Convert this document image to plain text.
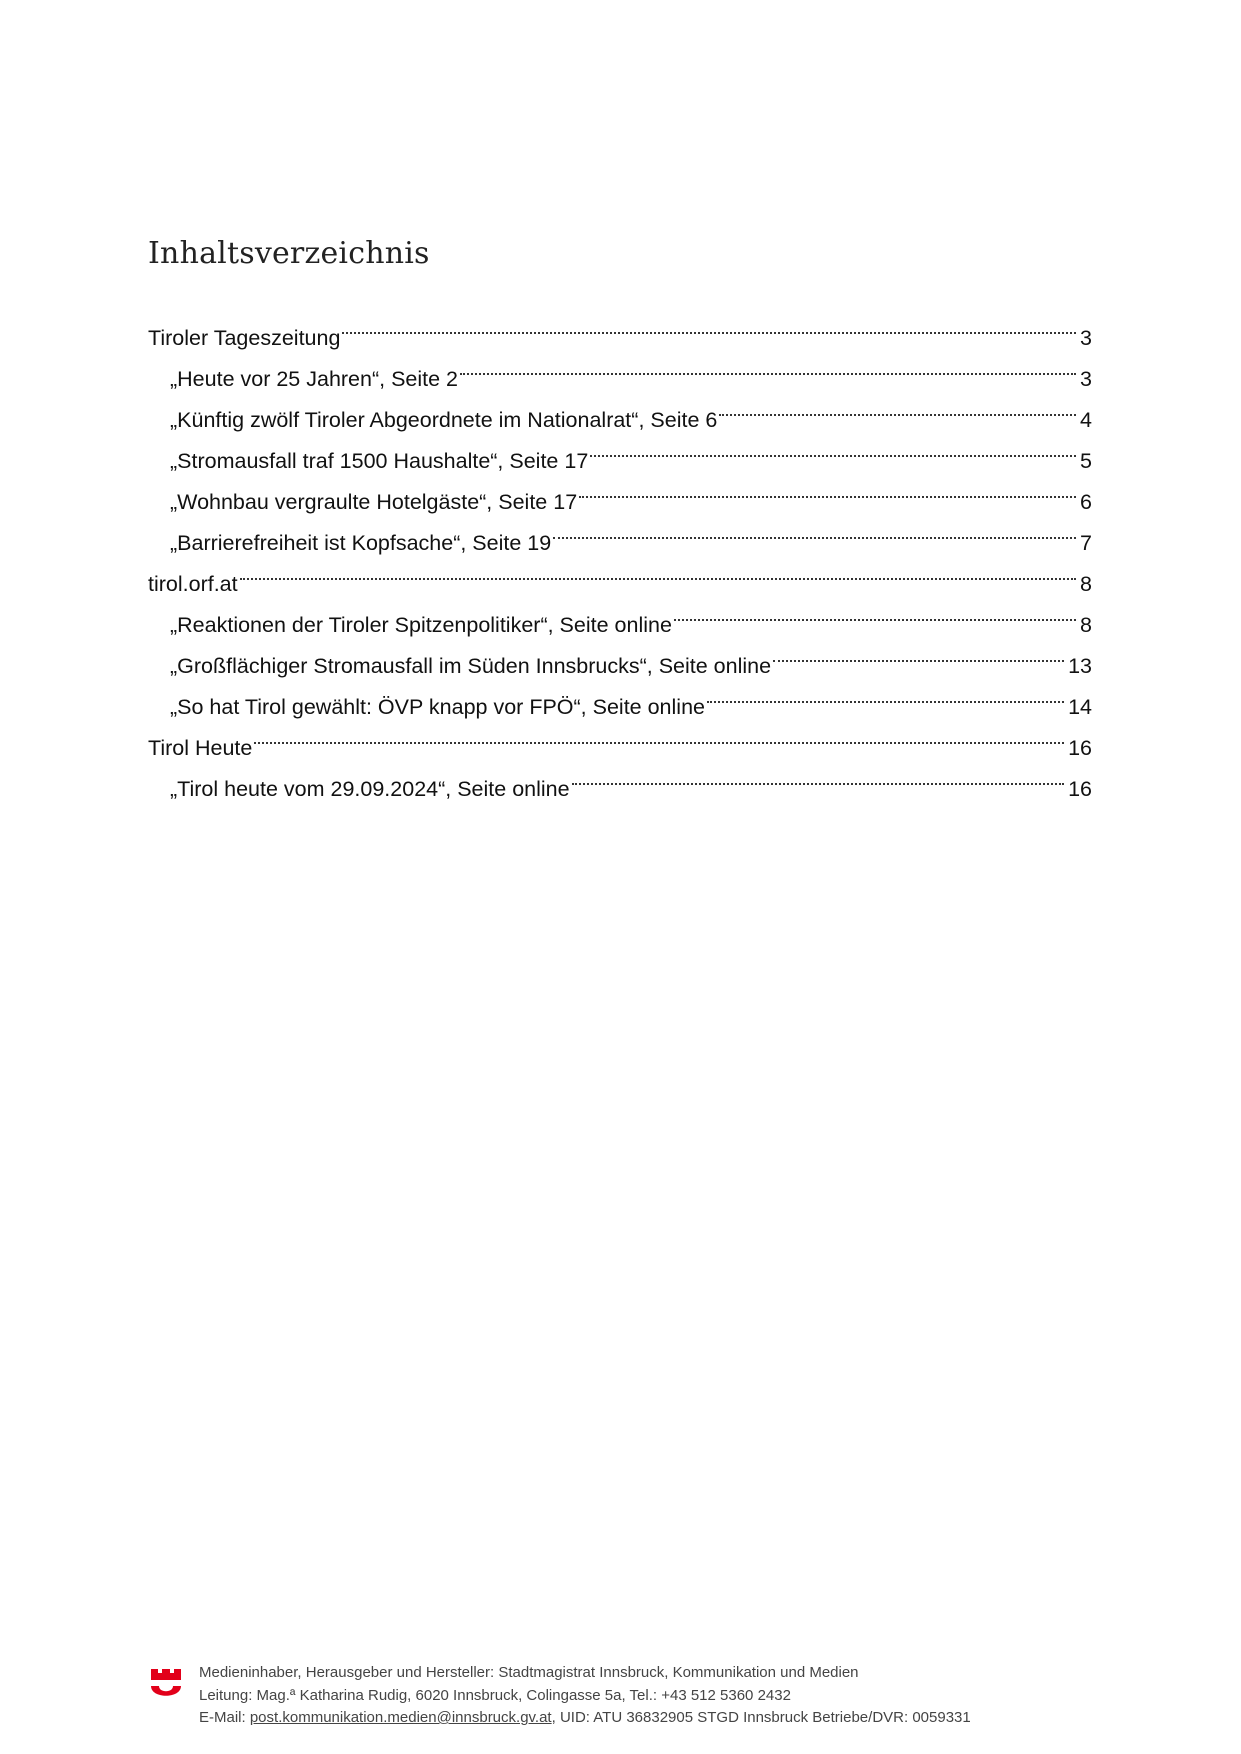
Inhaltsverzeichnis
Tiroler Tageszeitung	3
„Heute vor 25 Jahren“, Seite 2	3
„Künftig zwölf Tiroler Abgeordnete im Nationalrat“, Seite 6	4
„Stromausfall traf 1500 Haushalte“, Seite 17	5
„Wohnbau vergraulte Hotelgäste“, Seite 17	6
„Barrierefreiheit ist Kopfsache“, Seite 19	7
tirol.orf.at	8
„Reaktionen der Tiroler Spitzenpolitiker“, Seite online	8
„Großflächiger Stromausfall im Süden Innsbrucks“, Seite online	13
„So hat Tirol gewählt: ÖVP knapp vor FPÖ“, Seite online	14
Tirol Heute	16
„Tirol heute vom 29.09.2024“, Seite online	16
Medieninhaber, Herausgeber und Hersteller: Stadtmagistrat Innsbruck, Kommunikation und Medien
Leitung: Mag.ª Katharina Rudig, 6020 Innsbruck, Colingasse 5a, Tel.: +43 512 5360 2432
E-Mail: post.kommunikation.medien@innsbruck.gv.at, UID: ATU 36832905 STGD Innsbruck Betriebe/DVR: 0059331
